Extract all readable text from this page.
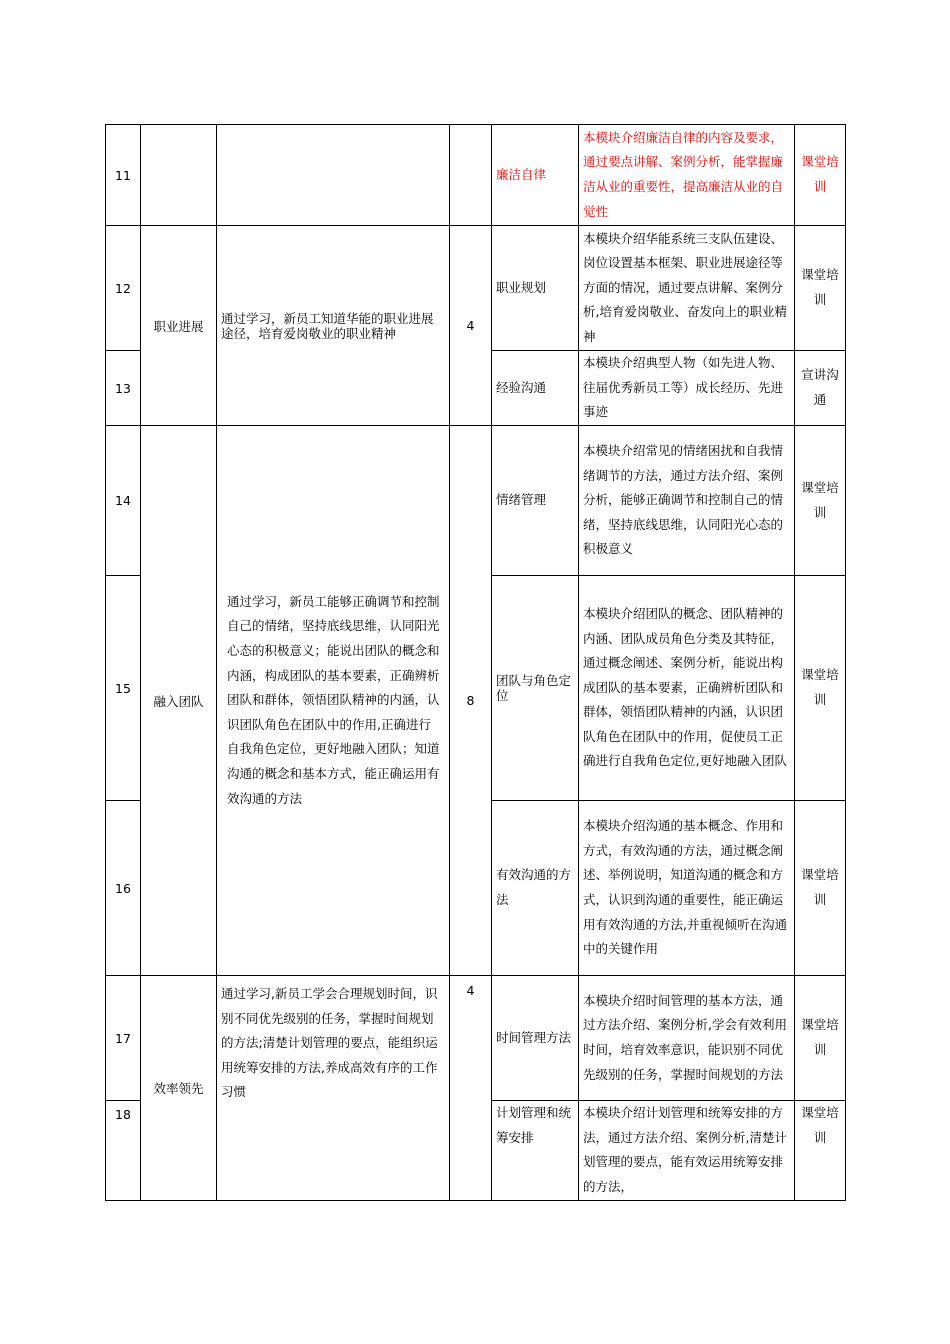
11				廉洁自律	本模块介绍廉洁自律的内容及要求，通过要点讲解、案例分析，能掌握廉洁从业的重要性，提高廉洁从业的自觉性	课堂培训
12	职业进展	通过学习，新员工知道华能的职业进展途径，培育爱岗敬业的职业精神	4	职业规划	本模块介绍华能系统三支队伍建设、岗位设置基本框架、职业进展途径等方面的情况，通过要点讲解、案例分析,培育爱岗敬业、奋发向上的职业精神	课堂培训
13				经验沟通	本模块介绍典型人物（如先进人物、往届优秀新员工等）成长经历、先进事迹	宣讲沟通
14	融入团队	通过学习，新员工能够正确调节和控制自己的情绪，坚持底线思维，认同阳光心态的积极意义；能说出团队的概念和内涵，构成团队的基本要素，正确辨析团队和群体，领悟团队精神的内涵，认识团队角色在团队中的作用,正确进行自我角色定位，更好地融入团队；知道沟通的概念和基本方式，能正确运用有效沟通的方法	8	情绪管理	本模块介绍常见的情绪困扰和自我情绪调节的方法，通过方法介绍、案例分析，能够正确调节和控制自己的情绪，坚持底线思维，认同阳光心态的积极意义	课堂培训
15				团队与角色定位	本模块介绍团队的概念、团队精神的内涵、团队成员角色分类及其特征，通过概念阐述、案例分析，能说出构成团队的基本要素，正确辨析团队和群体，领悟团队精神的内涵，认识团队角色在团队中的作用，促使员工正确进行自我角色定位,更好地融入团队	课堂培训
16				有效沟通的方法	本模块介绍沟通的基本概念、作用和方式，有效沟通的方法，通过概念阐述、举例说明，知道沟通的概念和方式，认识到沟通的重要性，能正确运用有效沟通的方法,并重视倾听在沟通中的关键作用	课堂培训
17	效率领先	通过学习,新员工学会合理规划时间，识别不同优先级别的任务，掌握时间规划的方法;清楚计划管理的要点，能组织运用统筹安排的方法,养成高效有序的工作习惯	4	时间管理方法	本模块介绍时间管理的基本方法，通过方法介绍、案例分析,学会有效利用时间，培育效率意识，能识别不同优先级别的任务，掌握时间规划的方法	课堂培训
18				计划管理和统筹安排	本模块介绍计划管理和统筹安排的方法，通过方法介绍、案例分析,清楚计划管理的要点，能有效运用统筹安排的方法，	课堂培训
